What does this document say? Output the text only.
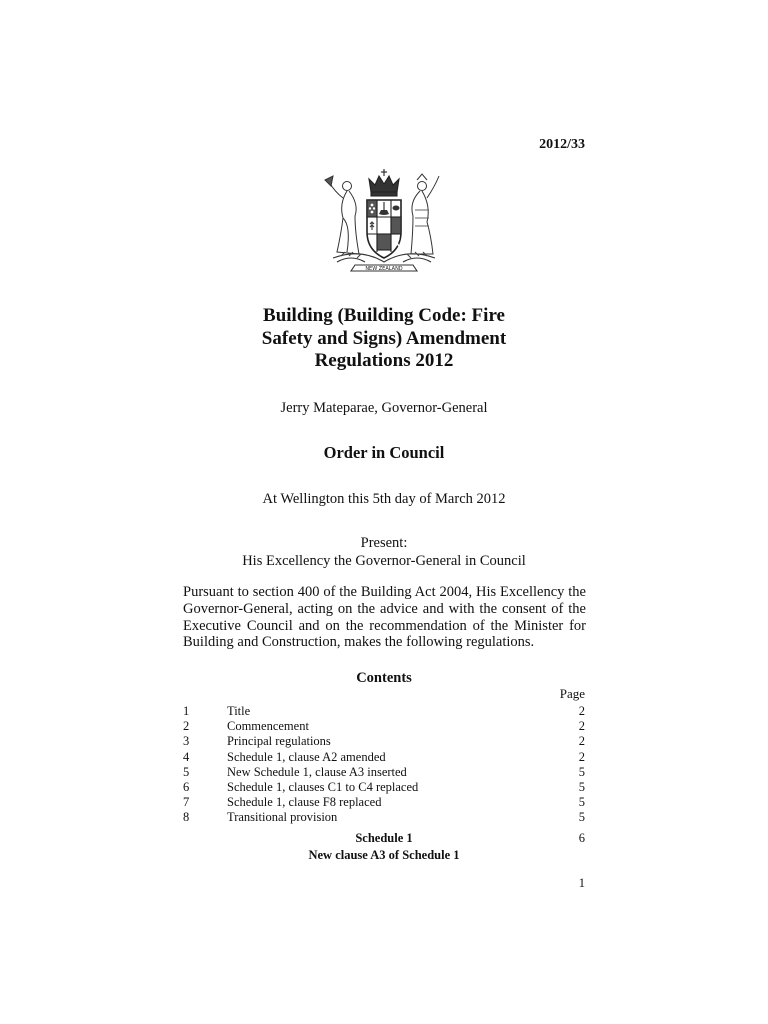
2012/33
NEW ZEALAND
Building (Building Code: Fire
Safety and Signs) Amendment
Regulations 2012
Jerry Mateparae, Governor-General
Order in Council
At Wellington this 5th day of March 2012
Present:
His Excellency the Governor-General in Council
Pursuant to section 400 of the Building Act 2004, His Excellency the Governor-General, acting on the advice and with the consent of the Executive Council and on the recommendation of the Minister for Building and Construction, makes the following regulations.
Contents
Page
1	Title	2
2	Commencement	2
3	Principal regulations	2
4	Schedule 1, clause A2 amended	2
5	New Schedule 1, clause A3 inserted	5
6	Schedule 1, clauses C1 to C4 replaced	5
7	Schedule 1, clause F8 replaced	5
8	Transitional provision	5
Schedule 1	6
New clause A3 of Schedule 1
1
